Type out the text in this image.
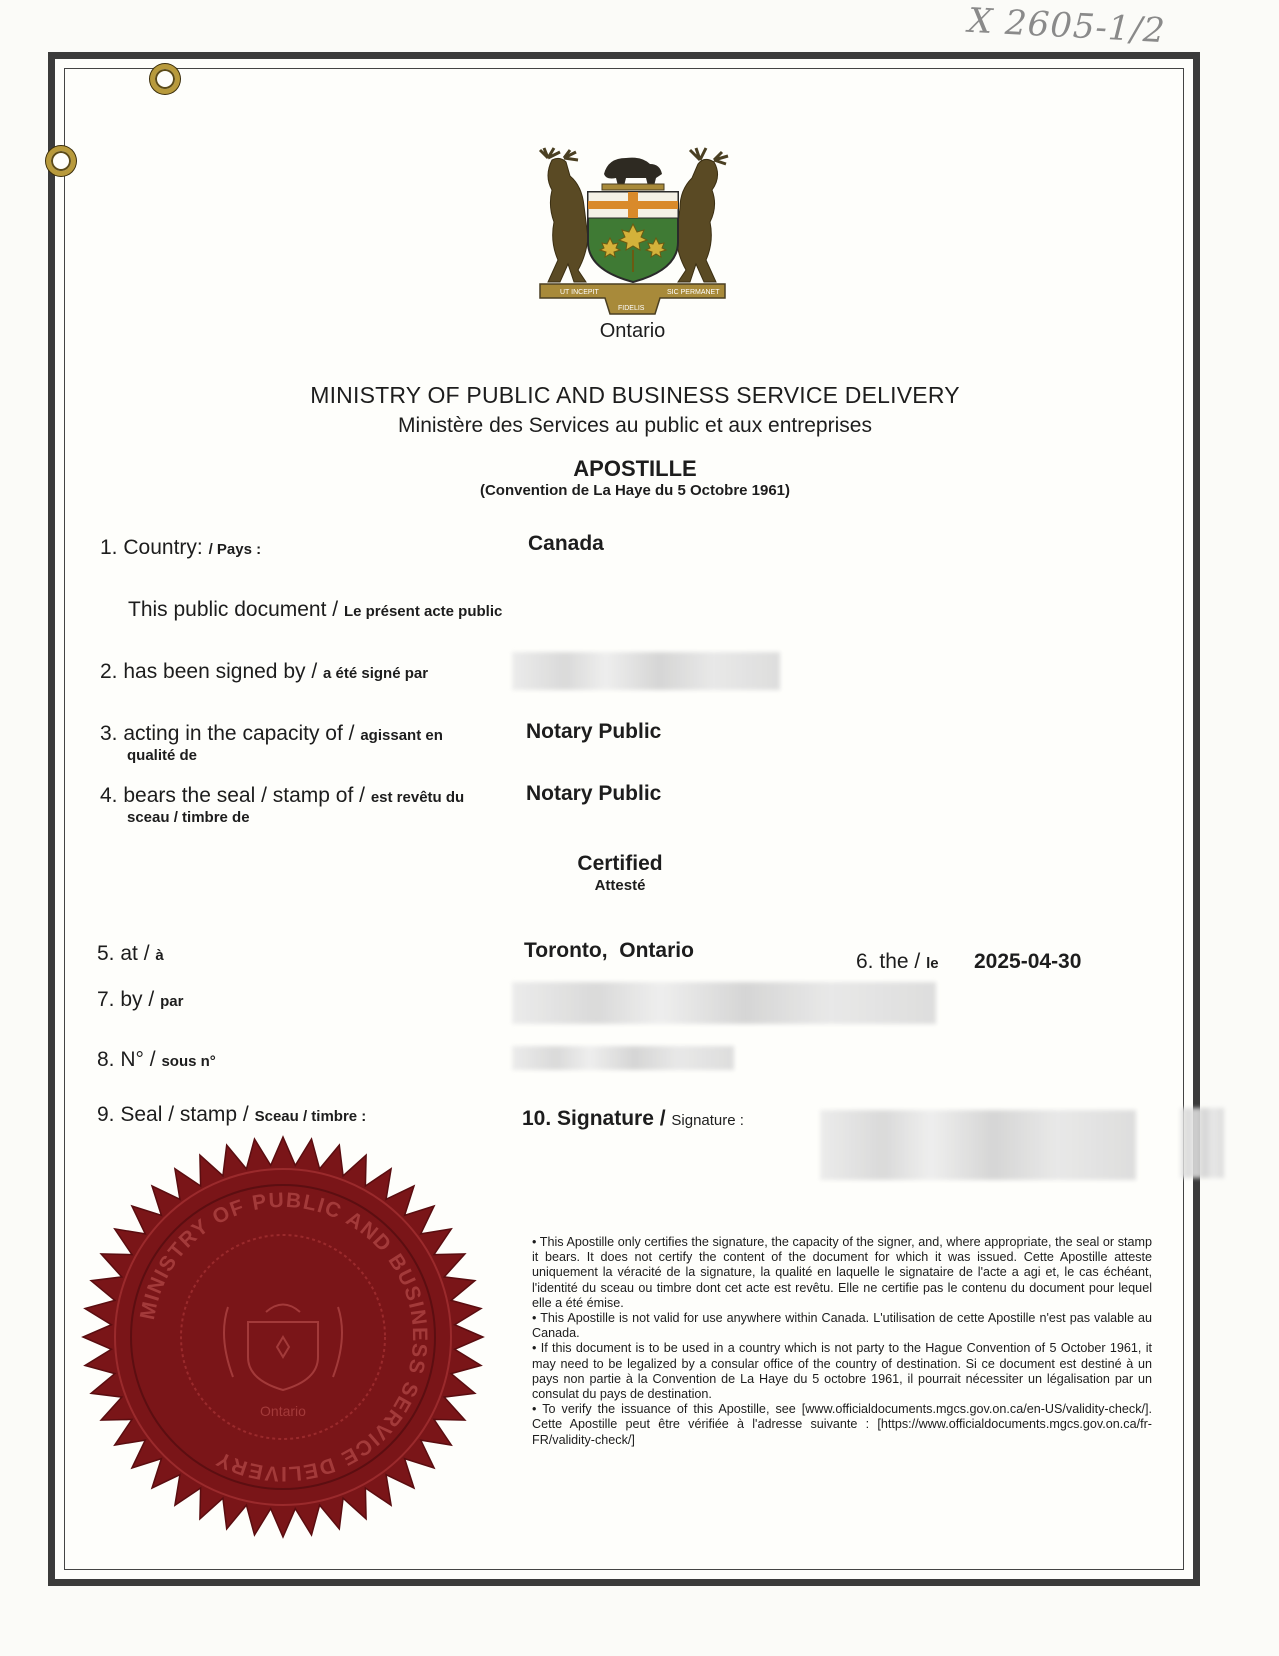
X 2605-1/2
UT INCEPIT
FIDELIS
SIC PERMANET
Ontario
MINISTRY OF PUBLIC AND BUSINESS SERVICE DELIVERY
Ministère des Services au public et aux entreprises
APOSTILLE
(Convention de La Haye du 5 Octobre 1961)
1. Country: / Pays :	Canada
This public document / Le présent acte public
2. has been signed by / a été signé par
3. acting in the capacity of / agissant en
qualité de
Notary Public
4. bears the seal / stamp of / est revêtu du
sceau / timbre de
Notary Public
Certified
Attesté
5. at / à	Toronto,  Ontario	6. the / le 2025-04-30
7. by / par
8. N° / sous n°
9. Seal / stamp / Sceau / timbre :	10. Signature / Signature :
MINISTRY OF PUBLIC AND BUSINESS SERVICE DELIVERY
Ontario

• This Apostille only certifies the signature, the capacity of the signer, and, where appropriate, the seal or stamp it bears. It does not certify the content of the document for which it was issued. Cette Apostille atteste uniquement la véracité de la signature, la qualité en laquelle le signataire de l'acte a agi et, le cas échéant, l'identité du sceau ou timbre dont cet acte est revêtu. Elle ne certifie pas le contenu du document pour lequel elle a été émise.

• This Apostille is not valid for use anywhere within Canada. L'utilisation de cette Apostille n'est pas valable au Canada.

• If this document is to be used in a country which is not party to the Hague Convention of 5 October 1961, it may need to be legalized by a consular office of the country of destination. Si ce document est destiné à un pays non partie à la Convention de La Haye du 5 octobre 1961, il pourrait nécessiter un légalisation par un consulat du pays de destination.

• To verify the issuance of this Apostille, see [www.officialdocuments.mgcs.gov.on.ca/en-US/validity-check/]. Cette Apostille peut être vérifiée à l'adresse suivante : [https://www.officialdocuments.mgcs.gov.on.ca/fr-FR/validity-check/]
